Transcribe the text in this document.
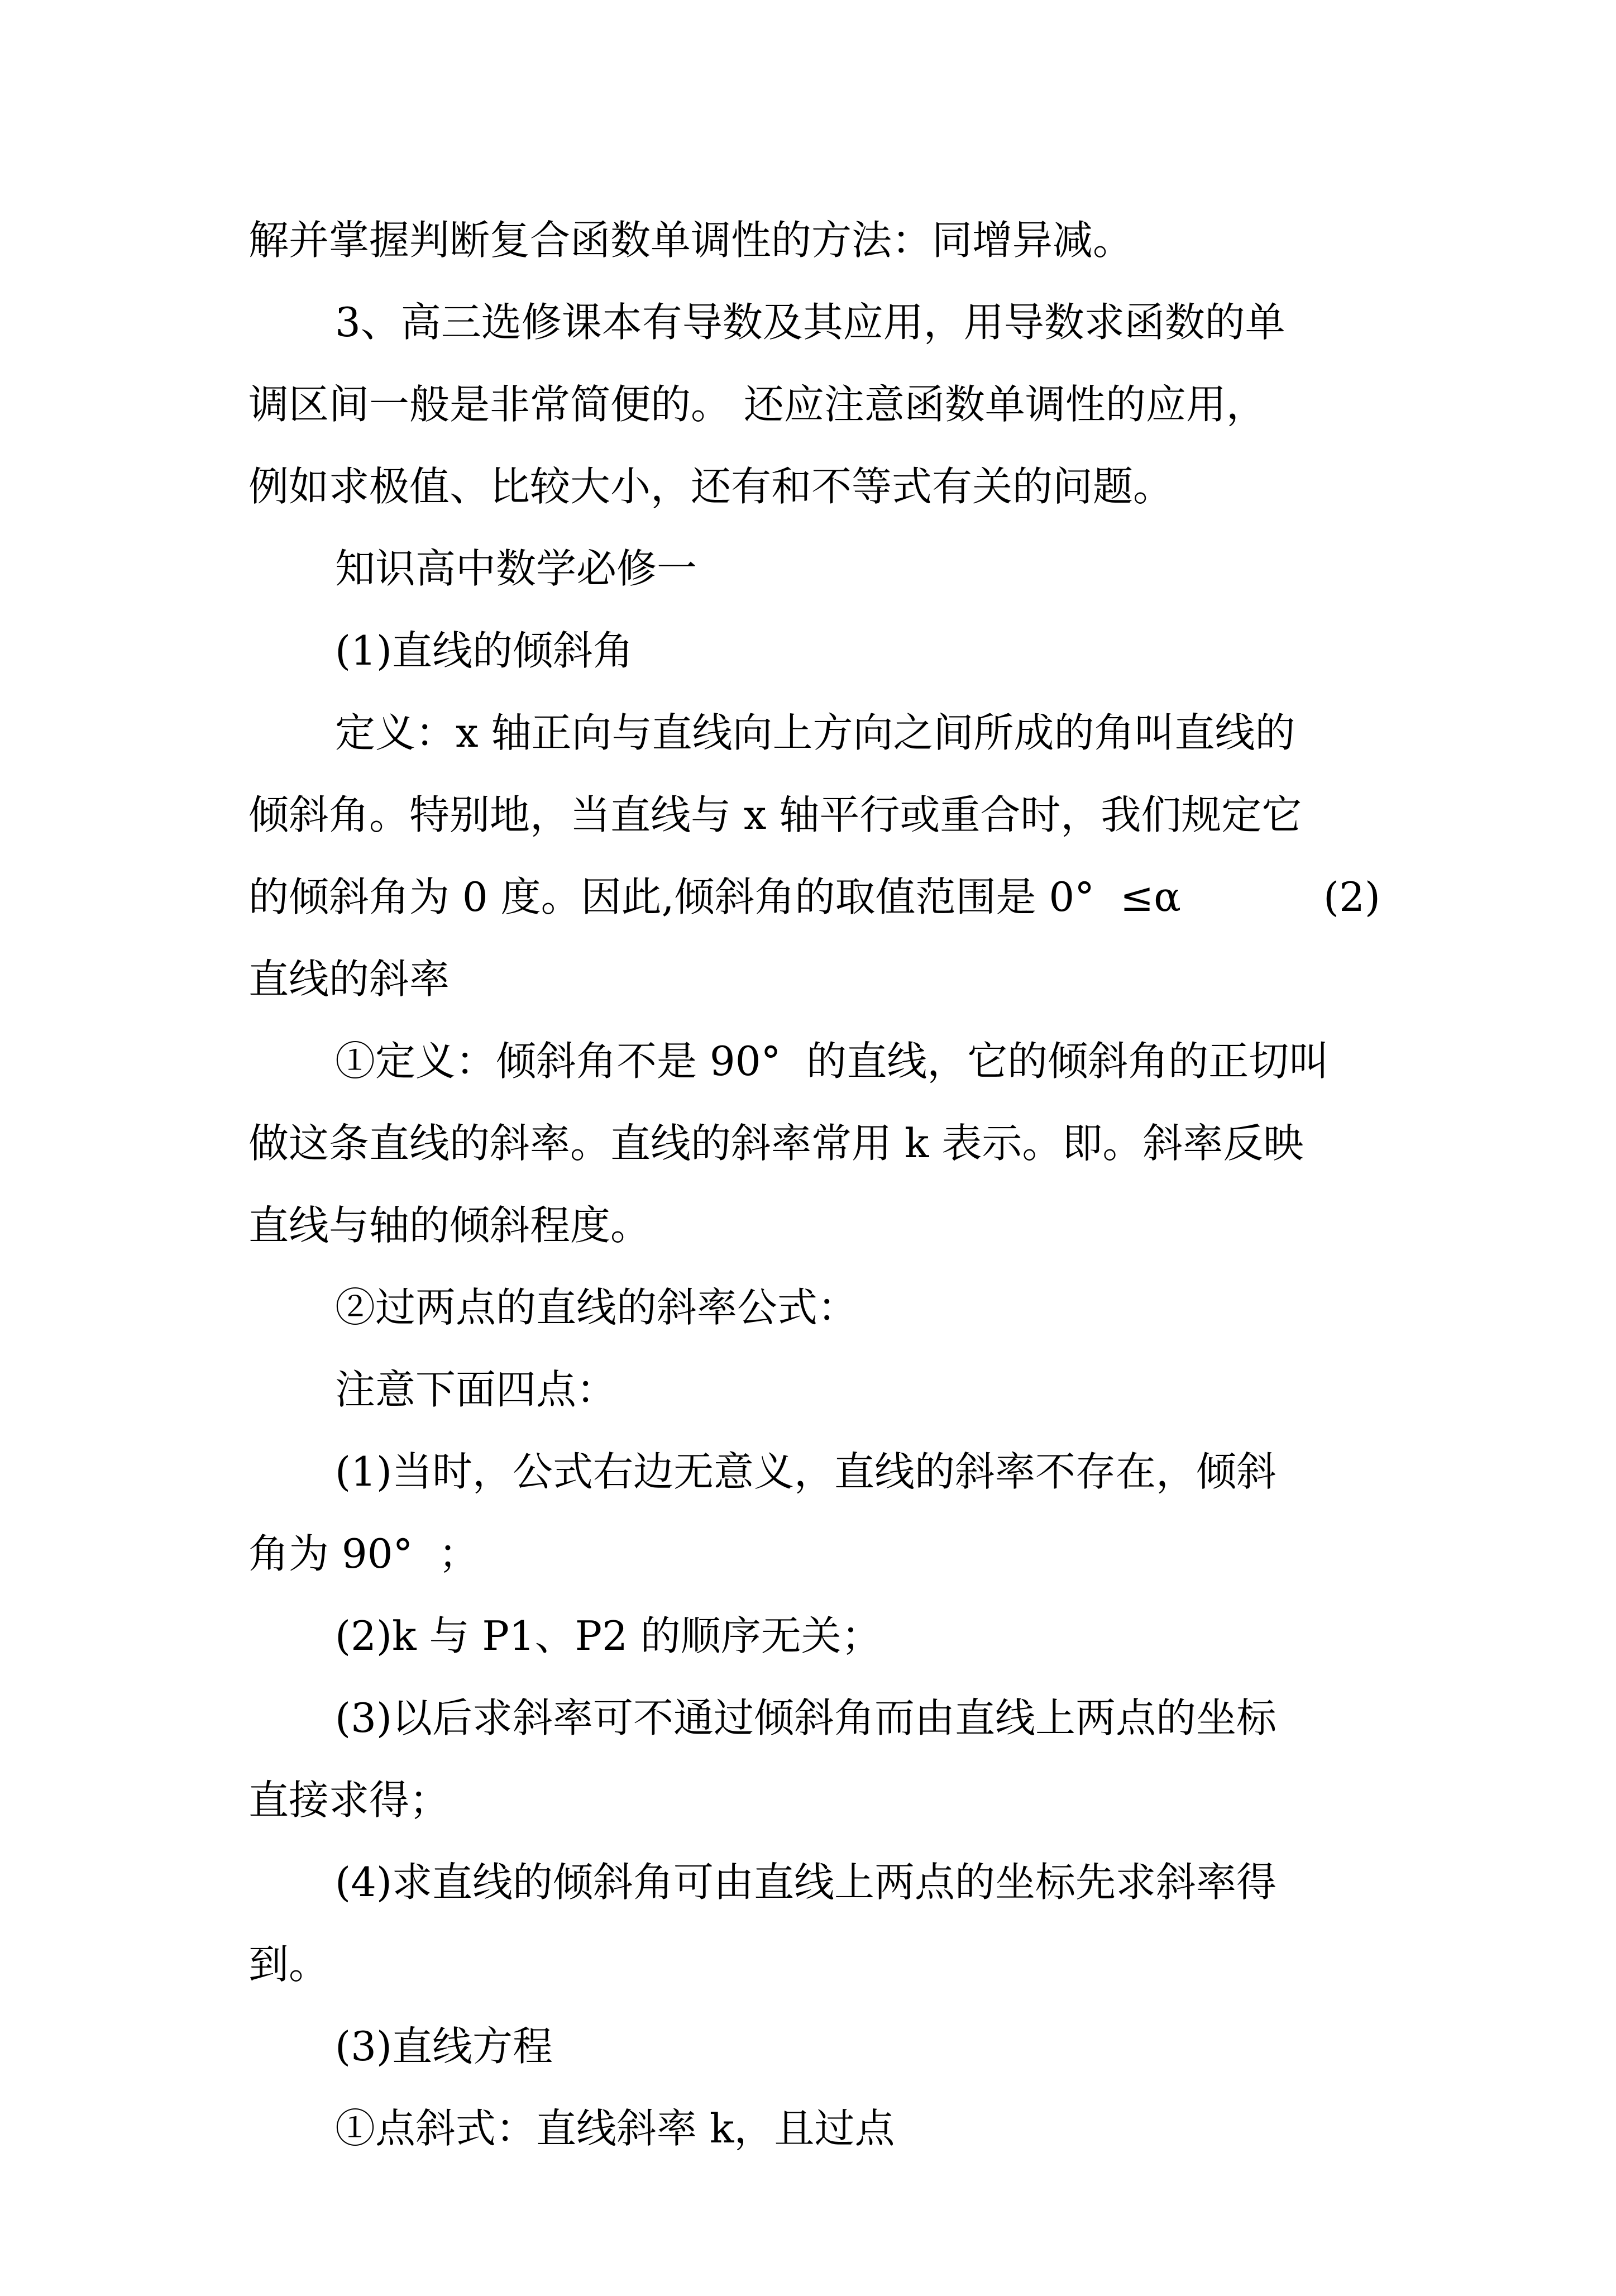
解并掌握判断复合函数单调性的方法：同增异减。

3、高三选修课本有导数及其应用，用导数求函数的单

调区间一般是非常简便的。 还应注意函数单调性的应用，

例如求极值、比较大小，还有和不等式有关的问题。

知识高中数学必修一

(1)直线的倾斜角

定义：x 轴正向与直线向上方向之间所成的角叫直线的

倾斜角。特别地，当直线与 x 轴平行或重合时，我们规定它

的倾斜角为 0 度。因此,倾斜角的取值范围是 0°  ≤α

	(2)

直线的斜率

①定义：倾斜角不是 90°  的直线，它的倾斜角的正切叫

做这条直线的斜率。直线的斜率常用 k 表示。即。斜率反映

直线与轴的倾斜程度。

②过两点的直线的斜率公式：

注意下面四点：

(1)当时，公式右边无意义，直线的斜率不存在，倾斜

角为 90°  ；

(2)k 与 P1、P2 的顺序无关；

(3)以后求斜率可不通过倾斜角而由直线上两点的坐标

直接求得；

(4)求直线的倾斜角可由直线上两点的坐标先求斜率得

到。

(3)直线方程

①点斜式：直线斜率 k，且过点
